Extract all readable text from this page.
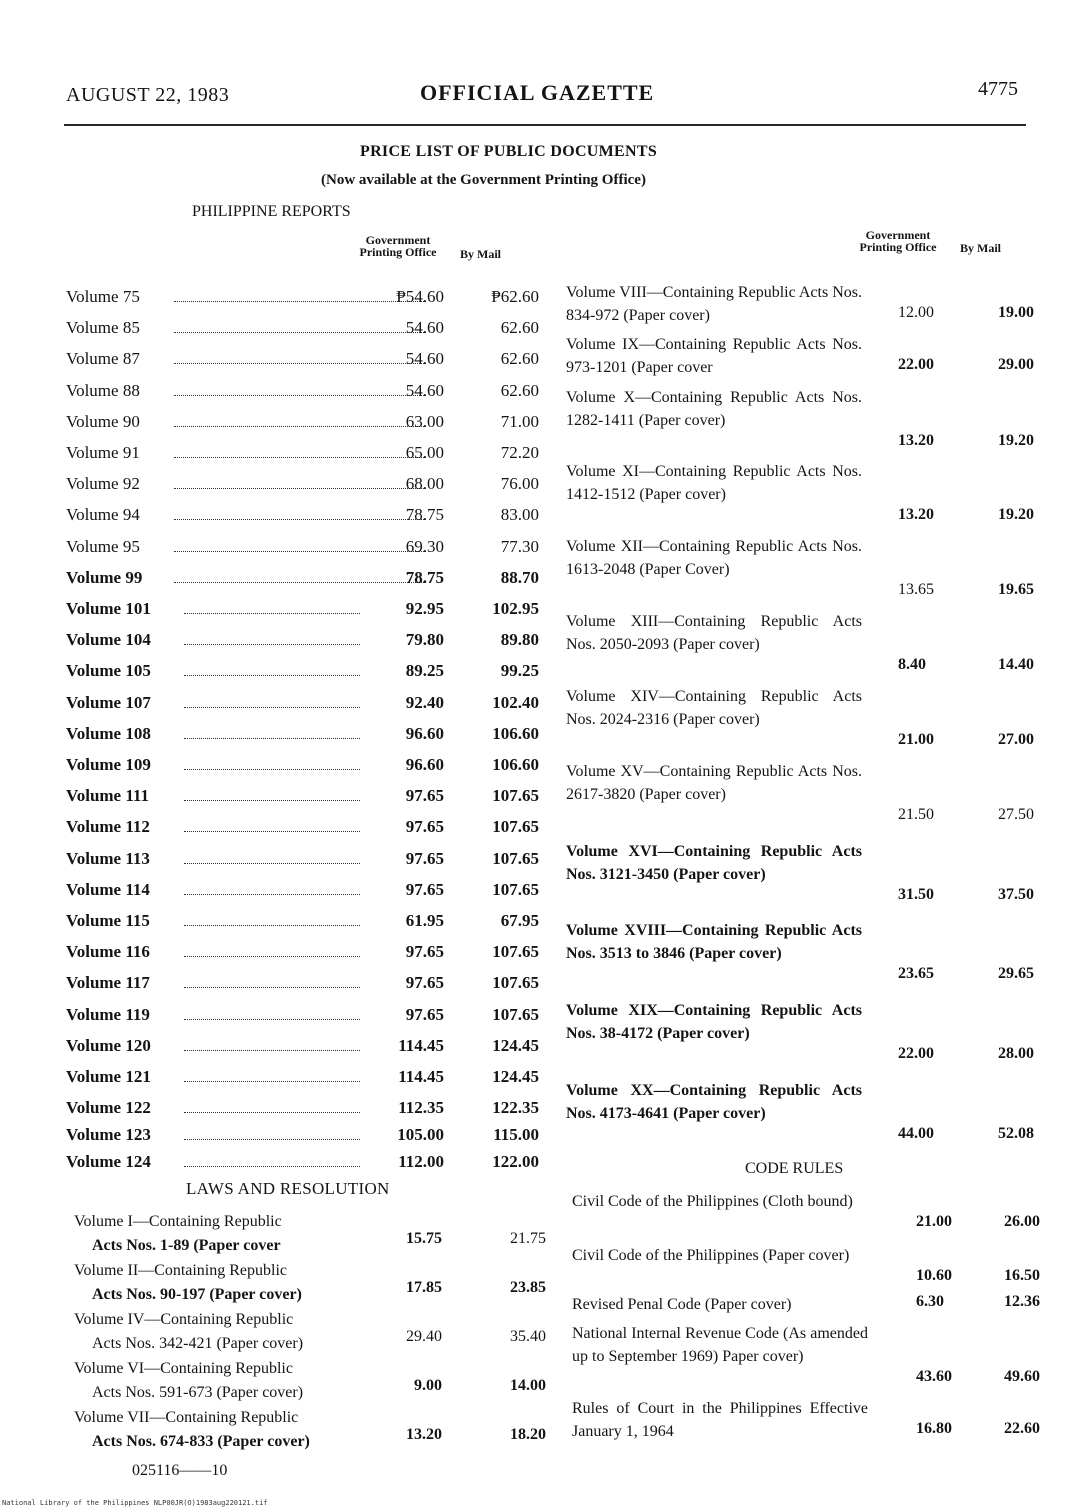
AUGUST 22, 1983	OFFICIAL GAZETTE	4775
PRICE LIST OF PUBLIC DOCUMENTS
(Now available at the Government Printing Office)
PHILIPPINE REPORTS
Government Printing Office	By Mail
Government Printing Office	By Mail
Volume 75	₱54.60	₱62.60
Volume 85	54.60	62.60
Volume 87	54.60	62.60
Volume 88	54.60	62.60
Volume 90	63.00	71.00
Volume 91	65.00	72.20
Volume 92	68.00	76.00
Volume 94	78.75	83.00
Volume 95	69.30	77.30
Volume 99	78.75	88.70
Volume 101	92.95	102.95
Volume 104	79.80	89.80
Volume 105	89.25	99.25
Volume 107	92.40	102.40
Volume 108	96.60	106.60
Volume 109	96.60	106.60
Volume 111	97.65	107.65
Volume 112	97.65	107.65
Volume 113	97.65	107.65
Volume 114	97.65	107.65
Volume 115	61.95	67.95
Volume 116	97.65	107.65
Volume 117	97.65	107.65
Volume 119	97.65	107.65
Volume 120	114.45	124.45
Volume 121	114.45	124.45
Volume 122	112.35	122.35
Volume 123	105.00	115.00
Volume 124	112.00	122.00
LAWS AND RESOLUTION
Volume I—Containing Republic
Acts Nos. 1-89 (Paper cover	15.75	21.75
Volume II—Containing Republic
Acts Nos. 90-197 (Paper cover)	17.85	23.85
Volume IV—Containing Republic
Acts Nos. 342-421 (Paper cover)	29.40	35.40
Volume VI—Containing Republic
Acts Nos. 591-673 (Paper cover)	9.00	14.00
Volume VII—Containing Republic
Acts Nos. 674-833 (Paper cover)	13.20	18.20
Volume VIII—Containing Republic Acts Nos. 834-972 (Paper cover)	12.00	19.00
Volume IX—Containing Republic Acts Nos. 973-1201 (Paper cover	22.00	29.00
Volume X—Containing Republic Acts Nos. 1282-1411 (Paper cover)
13.20	19.20
Volume XI—Containing Republic Acts Nos. 1412-1512 (Paper cover)
13.20	19.20
Volume XII—Containing Republic Acts Nos. 1613-2048 (Paper Cover)
13.65	19.65
Volume XIII—Containing Republic Acts Nos. 2050-2093 (Paper cover)
8.40	14.40
Volume XIV—Containing Republic Acts Nos. 2024-2316 (Paper cover)
21.00	27.00
Volume XV—Containing Republic Acts Nos. 2617-3820 (Paper cover)
21.50	27.50
Volume XVI—Containing Republic Acts Nos. 3121-3450 (Paper cover)
31.50	37.50
Volume XVIII—Containing Republic Acts Nos. 3513 to 3846 (Paper cover)
23.65	29.65
Volume XIX—Containing Republic Acts Nos. 38-4172 (Paper cover)
22.00	28.00
Volume XX—Containing Republic Acts Nos. 4173-4641 (Paper cover)
44.00	52.08
CODE RULES
Civil Code of the Philippines (Cloth bound)
21.00	26.00
Civil Code of the Philippines (Paper cover)
10.60	16.50
Revised Penal Code (Paper cover)	6.30	12.36
National Internal Revenue Code (As amended up to September 1969) Paper cover)
43.60	49.60
Rules of Court in the Philippines Effective January 1, 1964	16.80	22.60
025116——10
National Library of the Philippines NLP00JR(O)1983aug220121.tif
